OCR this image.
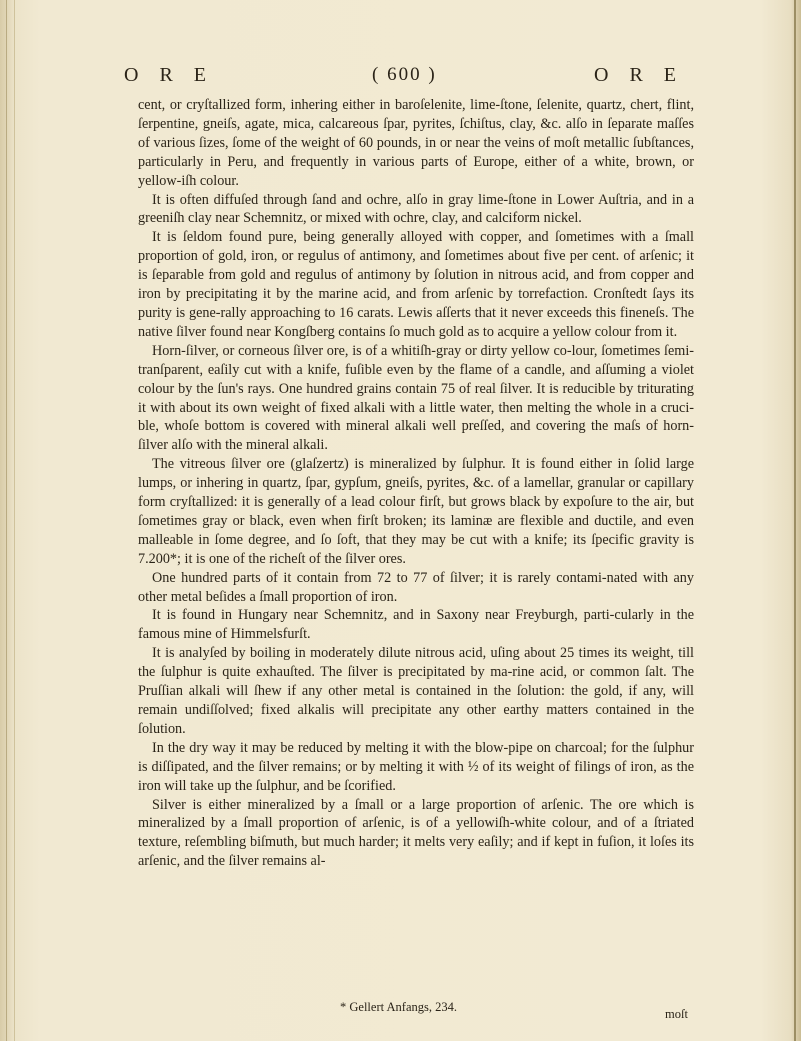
O R E	( 600 )	O R E

cent, or cryſtallized form, inhering either in baroſelenite, lime-ſtone, ſelenite, quartz, chert, flint, ſerpentine, gneiſs, agate, mica, calcareous ſpar, pyrites, ſchiſtus, clay, &c. alſo in ſeparate maſſes of various ſizes, ſome of the weight of 60 pounds, in or near the veins of moſt metallic ſubſtances, particularly in Peru, and frequently in various parts of Europe, either of a white, brown, or yellow-iſh colour.

It is often diffuſed through ſand and ochre, alſo in gray lime-ſtone in Lower Auſtria, and in a greeniſh clay near Schemnitz, or mixed with ochre, clay, and calciform nickel.

It is ſeldom found pure, being generally alloyed with copper, and ſometimes with a ſmall proportion of gold, iron, or regulus of antimony, and ſometimes about five per cent. of arſenic; it is ſeparable from gold and regulus of antimony by ſolution in nitrous acid, and from copper and iron by precipitating it by the marine acid, and from arſenic by torrefaction. Cronſtedt ſays its purity is gene-rally approaching to 16 carats. Lewis aſſerts that it never exceeds this fineneſs. The native ſilver found near Kongſberg contains ſo much gold as to acquire a yellow colour from it.

Horn-ſilver, or corneous ſilver ore, is of a whitiſh-gray or dirty yellow co-lour, ſometimes ſemi-tranſparent, eaſily cut with a knife, fuſible even by the flame of a candle, and aſſuming a violet colour by the ſun's rays. One hundred grains contain 75 of real ſilver. It is reducible by triturating it with about its own weight of fixed alkali with a little water, then melting the whole in a cruci-ble, whoſe bottom is covered with mineral alkali well preſſed, and covering the maſs of horn-ſilver alſo with the mineral alkali.

The vitreous ſilver ore (glaſzertz) is mineralized by ſulphur. It is found either in ſolid large lumps, or inhering in quartz, ſpar, gypſum, gneiſs, pyrites, &c. of a lamellar, granular or capillary form cryſtallized: it is generally of a lead colour firſt, but grows black by expoſure to the air, but ſometimes gray or black, even when firſt broken; its laminæ are flexible and ductile, and even malleable in ſome degree, and ſo ſoft, that they may be cut with a knife; its ſpecific gravity is 7.200*; it is one of the richeſt of the ſilver ores.

One hundred parts of it contain from 72 to 77 of ſilver; it is rarely contami-nated with any other metal beſides a ſmall proportion of iron.

It is found in Hungary near Schemnitz, and in Saxony near Freyburgh, parti-cularly in the famous mine of Himmelsfurſt.

It is analyſed by boiling in moderately dilute nitrous acid, uſing about 25 times its weight, till the ſulphur is quite exhauſted. The ſilver is precipitated by ma-rine acid, or common ſalt. The Pruſſian alkali will ſhew if any other metal is contained in the ſolution: the gold, if any, will remain undiſſolved; fixed alkalis will precipitate any other earthy matters contained in the ſolution.

In the dry way it may be reduced by melting it with the blow-pipe on charcoal; for the ſulphur is diſſipated, and the ſilver remains; or by melting it with ½ of its weight of filings of iron, as the iron will take up the ſulphur, and be ſcorified.

Silver is either mineralized by a ſmall or a large proportion of arſenic. The ore which is mineralized by a ſmall proportion of arſenic, is of a yellowiſh-white colour, and of a ſtriated texture, reſembling biſmuth, but much harder; it melts very eaſily; and if kept in fuſion, it loſes its arſenic, and the ſilver remains al-

* Gellert Anfangs, 234.	moſt
